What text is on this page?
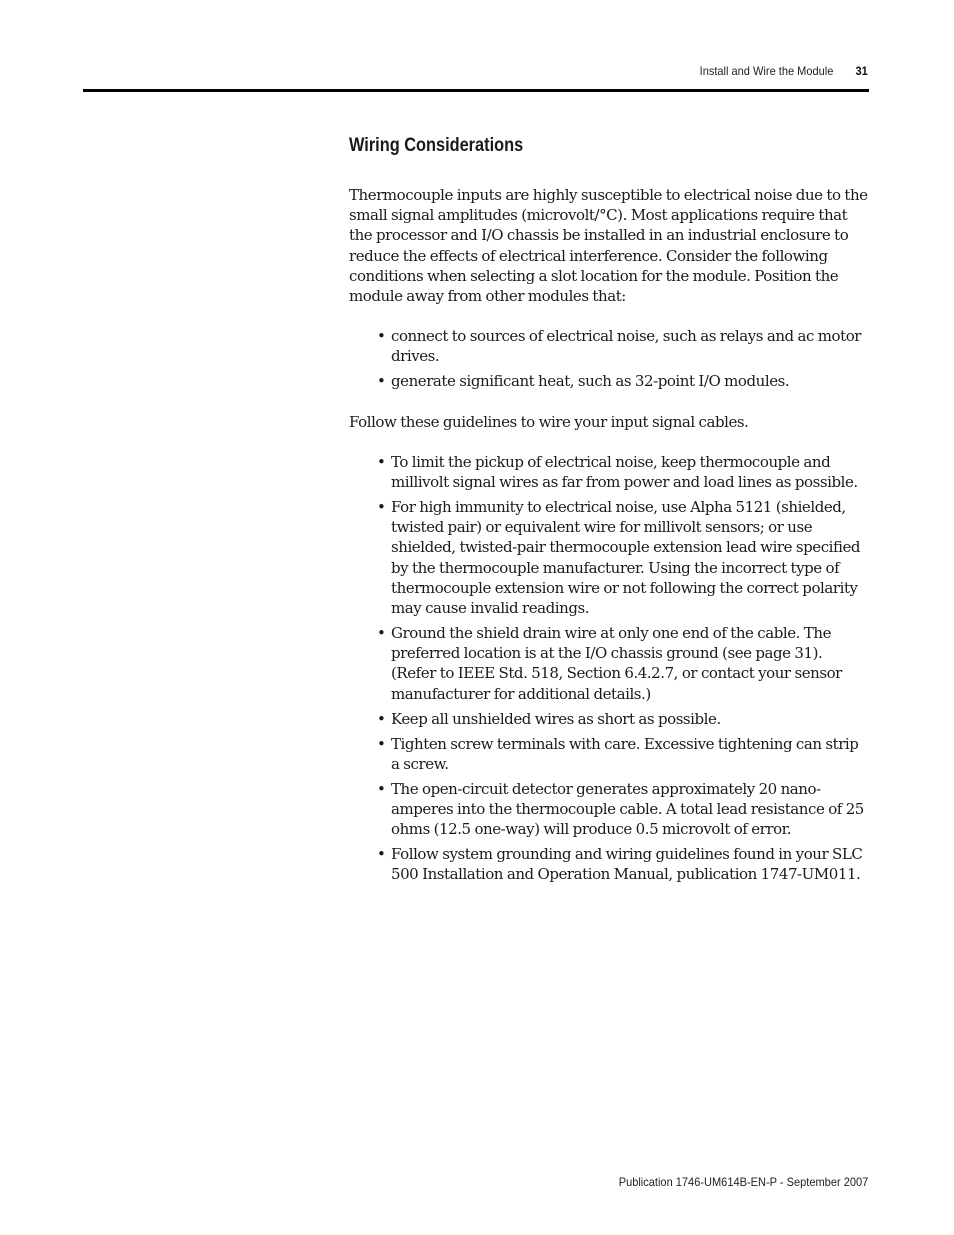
Install and Wire the Module 31
Wiring Considerations

Thermocouple inputs are highly susceptible to electrical noise due to the small signal amplitudes (microvolt/°C). Most applications require that the processor and I/O chassis be installed in an industrial enclosure to reduce the effects of electrical interference. Consider the following conditions when selecting a slot location for the module. Position the module away from other modules that:

• connect to sources of electrical noise, such as relays and ac motor drives.
• generate significant heat, such as 32-point I/O modules.

Follow these guidelines to wire your input signal cables.

• To limit the pickup of electrical noise, keep thermocouple and millivolt signal wires as far from power and load lines as possible.
• For high immunity to electrical noise, use Alpha 5121 (shielded, twisted pair) or equivalent wire for millivolt sensors; or use shielded, twisted-pair thermocouple extension lead wire specified by the thermocouple manufacturer. Using the incorrect type of thermocouple extension wire or not following the correct polarity may cause invalid readings.
• Ground the shield drain wire at only one end of the cable. The preferred location is at the I/O chassis ground (see page 31). (Refer to IEEE Std. 518, Section 6.4.2.7, or contact your sensor manufacturer for additional details.)
• Keep all unshielded wires as short as possible.
• Tighten screw terminals with care. Excessive tightening can strip a screw.
• The open-circuit detector generates approximately 20 nano-amperes into the thermocouple cable. A total lead resistance of 25 ohms (12.5 one-way) will produce 0.5 microvolt of error.
• Follow system grounding and wiring guidelines found in your SLC 500 Installation and Operation Manual, publication 1747-UM011.
Publication 1746-UM614B-EN-P - September 2007
